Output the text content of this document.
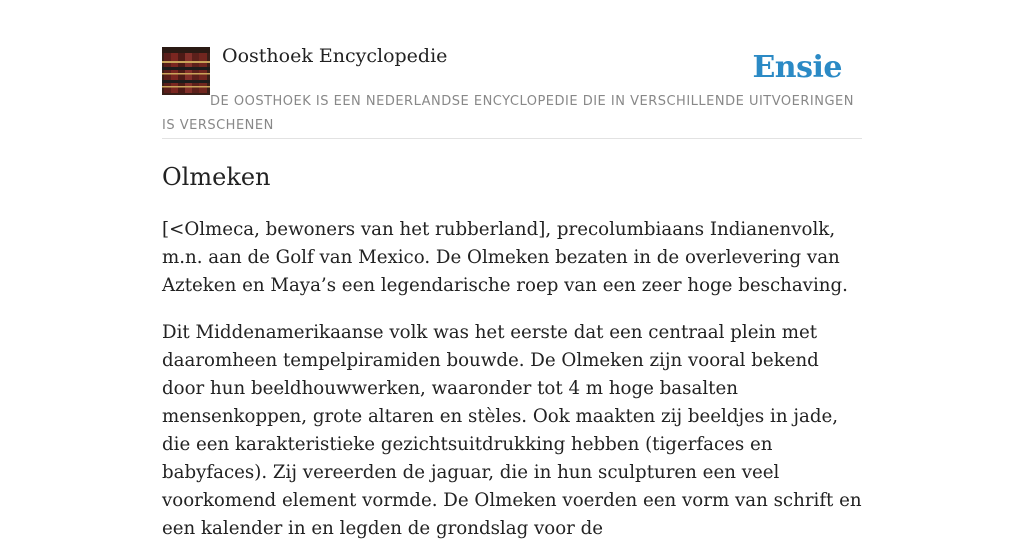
Oosthoek Encyclopedie	Ensie
DE OOSTHOEK IS EEN NEDERLANDSE ENCYCLOPEDIE DIE IN VERSCHILLENDE UITVOERINGEN IS VERSCHENEN
Olmeken

[<Olmeca, bewoners van het rubberland], precolumbiaans Indianenvolk, m.n. aan de Golf van Mexico. De Olmeken bezaten in de overlevering van Azteken en Maya’s een legendarische roep van een zeer hoge beschaving.

Dit Middenamerikaanse volk was het eerste dat een centraal plein met daaromheen tempelpiramiden bouwde. De Olmeken zijn vooral bekend door hun beeldhouwwerken, waaronder tot 4 m hoge basalten mensenkoppen, grote altaren en stèles. Ook maakten zij beeldjes in jade, die een karakteristieke gezichtsuitdrukking hebben (tigerfaces en babyfaces). Zij vereerden de jaguar, die in hun sculpturen een veel voorkomend element vormde. De Olmeken voerden een vorm van schrift en een kalender in en legden de grondslag voor de
